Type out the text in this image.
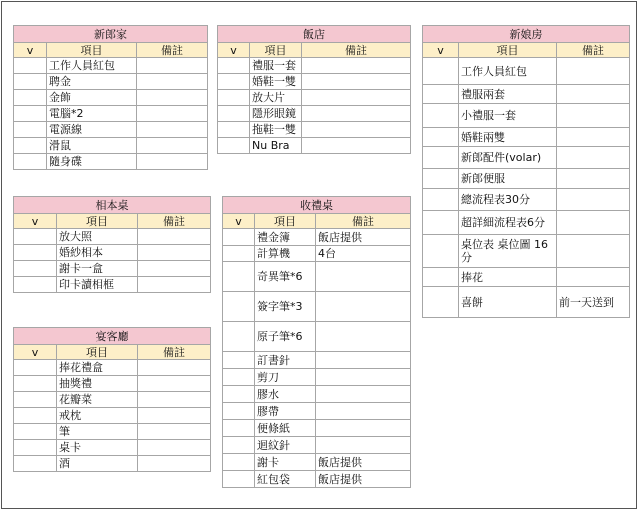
新郎家		
v	項目	備註
	工作人員紅包	
	聘金	
	金飾	
	電腦*2	
	電源線	
	滑鼠	
	隨身碟	
飯店		
v	項目	備註
	禮服一套	
	婚鞋一雙	
	放大片	
	隱形眼鏡	
	拖鞋一雙	
	Nu Bra	
新娘房		
v	項目	備註
	工作人員紅包	
	禮服兩套	
	小禮服一套	
	婚鞋兩雙	
	新郎配件(volar)	
	新郎便服	
	總流程表30分	
	超詳細流程表6分	
	桌位表 桌位圖 16分	
	捧花	
	喜餅	前一天送到
相本桌		
v	項目	備註
	放大照	
	婚紗相本	
	謝卡一盒	
	印卡讀相框	
收禮桌		
v	項目	備註
	禮金簿	飯店提供
	計算機	4台
	奇異筆*6	
	簽字筆*3	
	原子筆*6	
	訂書針	
	剪刀	
	膠水	
	膠帶	
	便條紙	
	迴紋針	
	謝卡	飯店提供
	紅包袋	飯店提供
宴客廳		
v	項目	備註
	捧花禮盒	
	抽獎禮	
	花瓣菜	
	戒枕	
	筆	
	桌卡	
	酒	
